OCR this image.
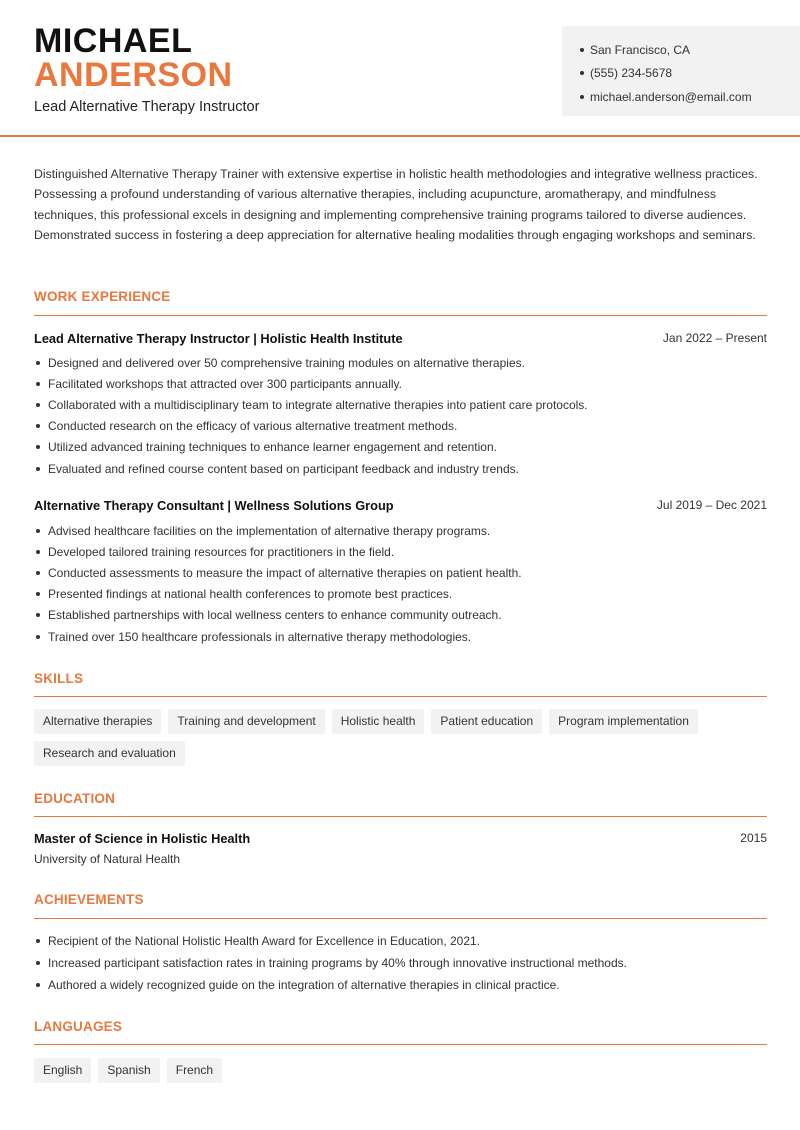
MICHAEL
ANDERSON
Lead Alternative Therapy Instructor
San Francisco, CA
(555) 234-5678
michael.anderson@email.com

Distinguished Alternative Therapy Trainer with extensive expertise in holistic health methodologies and integrative wellness practices. Possessing a profound understanding of various alternative therapies, including acupuncture, aromatherapy, and mindfulness techniques, this professional excels in designing and implementing comprehensive training programs tailored to diverse audiences. Demonstrated success in fostering a deep appreciation for alternative healing modalities through engaging workshops and seminars.

WORK EXPERIENCE
Lead Alternative Therapy Instructor | Holistic Health Institute	Jan 2022 – Present
Designed and delivered over 50 comprehensive training modules on alternative therapies.
Facilitated workshops that attracted over 300 participants annually.
Collaborated with a multidisciplinary team to integrate alternative therapies into patient care protocols.
Conducted research on the efficacy of various alternative treatment methods.
Utilized advanced training techniques to enhance learner engagement and retention.
Evaluated and refined course content based on participant feedback and industry trends.
Alternative Therapy Consultant | Wellness Solutions Group	Jul 2019 – Dec 2021
Advised healthcare facilities on the implementation of alternative therapy programs.
Developed tailored training resources for practitioners in the field.
Conducted assessments to measure the impact of alternative therapies on patient health.
Presented findings at national health conferences to promote best practices.
Established partnerships with local wellness centers to enhance community outreach.
Trained over 150 healthcare professionals in alternative therapy methodologies.
SKILLS
Alternative therapies	Training and development	Holistic health	Patient education	Program implementation
Research and evaluation
EDUCATION
Master of Science in Holistic Health	2015
University of Natural Health
ACHIEVEMENTS
Recipient of the National Holistic Health Award for Excellence in Education, 2021.
Increased participant satisfaction rates in training programs by 40% through innovative instructional methods.
Authored a widely recognized guide on the integration of alternative therapies in clinical practice.
LANGUAGES
English	Spanish	French
